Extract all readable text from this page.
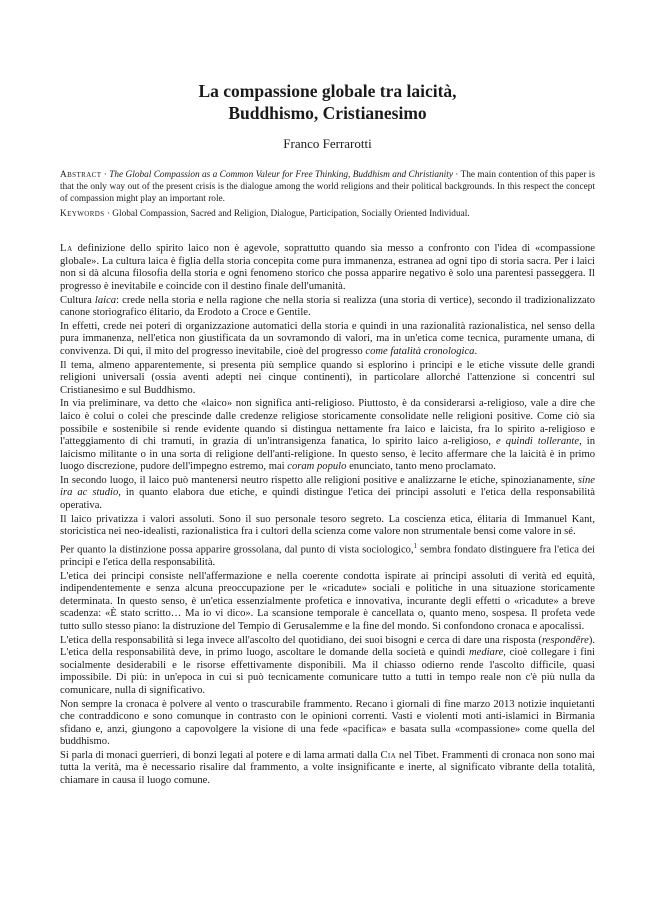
La compassione globale tra laicità,
Buddhismo, Cristianesimo
Franco Ferrarotti

Abstract · The Global Compassion as a Common Valeur for Free Thinking, Buddhism and Christianity · The main contention of this paper is that the only way out of the present crisis is the dialogue among the world religions and their political backgrounds. In this respect the concept of compassion might play an important role.

Keywords · Global Compassion, Sacred and Religion, Dialogue, Participation, Socially Oriented Individual.

La definizione dello spirito laico non è agevole, soprattutto quando sia messo a confronto con l'idea di «compassione globale». La cultura laica è figlia della storia concepita come pura immanenza, estranea ad ogni tipo di storia sacra. Per i laici non si dà alcuna filosofia della storia e ogni fenomeno storico che possa apparire negativo è solo una parentesi passeggera. Il progresso è inevitabile e coincide con il destino finale dell'umanità.

Cultura laica: crede nella storia e nella ragione che nella storia si realizza (una storia di vertice), secondo il tradizionalizzato canone storiografico élitario, da Erodoto a Croce e Gentile.

In effetti, crede nei poteri di organizzazione automatici della storia e quindi in una razionalità razionalistica, nel senso della pura immanenza, nell'etica non giustificata da un sovramondo di valori, ma in un'etica come tecnica, puramente umana, di convivenza. Di qui, il mito del progresso inevitabile, cioè del progresso come fatalità cronologica.

Il tema, almeno apparentemente, si presenta più semplice quando si esplorino i principi e le etiche vissute delle grandi religioni universali (ossia aventi adepti nei cinque continenti), in particolare allorché l'attenzione si concentri sul Cristianesimo e sul Buddhismo.

In via preliminare, va detto che «laico» non significa anti-religioso. Piuttosto, è da considerarsi a-religioso, vale a dire che laico è colui o colei che prescinde dalle credenze religiose storicamente consolidate nelle religioni positive. Come ciò sia possibile e sostenibile si rende evidente quando si distingua nettamente fra laico e laicista, fra lo spirito a-religioso e l'atteggiamento di chi tramuti, in grazia di un'intransigenza fanatica, lo spirito laico a-religioso, e quindi tollerante, in laicismo militante o in una sorta di religione dell'anti-religione. In questo senso, è lecito affermare che la laicità è in primo luogo discrezione, pudore dell'impegno estremo, mai coram populo enunciato, tanto meno proclamato.

In secondo luogo, il laico può mantenersi neutro rispetto alle religioni positive e analizzarne le etiche, spinozianamente, sine ira ac studio, in quanto elabora due etiche, e quindi distingue l'etica dei principi assoluti e l'etica della responsabilità operativa.

Il laico privatizza i valori assoluti. Sono il suo personale tesoro segreto. La coscienza etica, élitaria di Immanuel Kant, storicistica nei neo-idealisti, razionalistica fra i cultori della scienza come valore non strumentale bensi come valore in sé.

Per quanto la distinzione possa apparire grossolana, dal punto di vista sociologico,$^1$ sembra fondato distinguere fra l'etica dei principi e l'etica della responsabilità.

L'etica dei principi consiste nell'affermazione e nella coerente condotta ispirate ai principi assoluti di verità ed equità, indipendentemente e senza alcuna preoccupazione per le «ricadute» sociali e politiche in una situazione storicamente determinata. In questo senso, è un'etica essenzialmente profetica e innovativa, incurante degli effetti o «ricadute» a breve scadenza: «È stato scritto… Ma io vi dico». La scansione temporale è cancellata o, quanto meno, sospesa. Il profeta vede tutto sullo stesso piano: la distruzione del Tempio di Gerusalemme e la fine del mondo. Si confondono cronaca e apocalissi.

L'etica della responsabilità si lega invece all'ascolto del quotidiano, dei suoi bisogni e cerca di dare una risposta (respondēre). L'etica della responsabilità deve, in primo luogo, ascoltare le domande della società e quindi mediare, cioè collegare i fini socialmente desiderabili e le risorse effettivamente disponibili. Ma il chiasso odierno rende l'ascolto difficile, quasi impossibile. Di più: in un'epoca in cui si può tecnicamente comunicare tutto a tutti in tempo reale non c'è più nulla da comunicare, nulla di significativo.

Non sempre la cronaca è polvere al vento o trascurabile frammento. Recano i giornali di fine marzo 2013 notizie inquietanti che contraddicono e sono comunque in contrasto con le opinioni correnti. Vasti e violenti moti anti-islamici in Birmania sfidano e, anzi, giungono a capovolgere la visione di una fede «pacifica» e basata sulla «compassione» come quella del buddhismo.

Si parla di monaci guerrieri, di bonzi legati al potere e di lama armati dalla Cia nel Tibet. Frammenti di cronaca non sono mai tutta la verità, ma è necessario risalire dal frammento, a volte insignificante e inerte, al significato vibrante della totalità, chiamare in causa il luogo comune.
